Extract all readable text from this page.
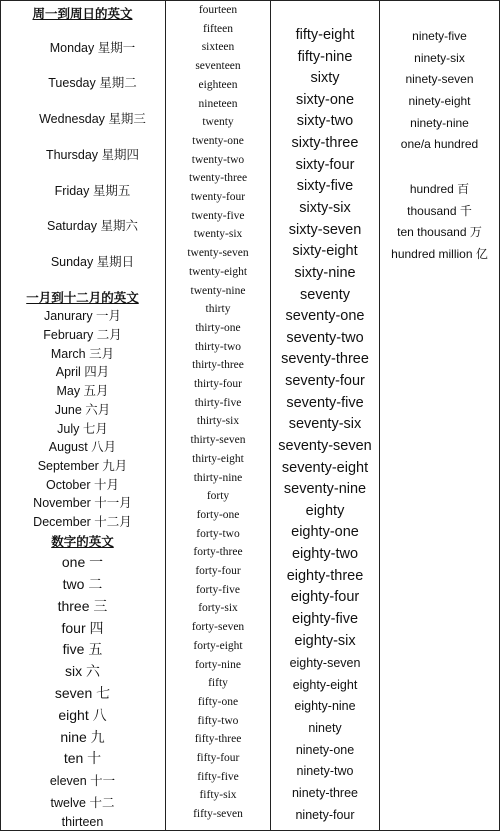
周一到周日的英文
Monday 星期一
Tuesday 星期二
Wednesday 星期三
Thursday 星期四
Friday 星期五
Saturday 星期六
Sunday 星期日
一月到十二月的英文
Janurary 一月
February 二月
March 三月
April 四月
May 五月
June 六月
July 七月
August 八月
September 九月
October 十月
November 十一月
December 十二月
数字的英文
one 一
two 二
three 三
four 四
five 五
six 六
seven 七
eight 八
nine 九
ten 十
eleven 十一
twelve 十二
thirteen
fourteen
fifteen
sixteen
seventeen
eighteen
nineteen
twenty
twenty-one
twenty-two
twenty-three
twenty-four
twenty-five
twenty-six
twenty-seven
twenty-eight
twenty-nine
thirty
thirty-one
thirty-two
thirty-three
thirty-four
thirty-five
thirty-six
thirty-seven
thirty-eight
thirty-nine
forty
forty-one
forty-two
forty-three
forty-four
forty-five
forty-six
forty-seven
forty-eight
forty-nine
fifty
fifty-one
fifty-two
fifty-three
fifty-four
fifty-five
fifty-six
fifty-seven
fifty-eight
fifty-nine
sixty
sixty-one
sixty-two
sixty-three
sixty-four
sixty-five
sixty-six
sixty-seven
sixty-eight
sixty-nine
seventy
seventy-one
seventy-two
seventy-three
seventy-four
seventy-five
seventy-six
seventy-seven
seventy-eight
seventy-nine
eighty
eighty-one
eighty-two
eighty-three
eighty-four
eighty-five
eighty-six
eighty-seven
eighty-eight
eighty-nine
ninety
ninety-one
ninety-two
ninety-three
ninety-four
ninety-five
ninety-six
ninety-seven
ninety-eight
ninety-nine
one/a hundred
hundred 百
thousand 千
ten thousand 万
hundred million 亿
